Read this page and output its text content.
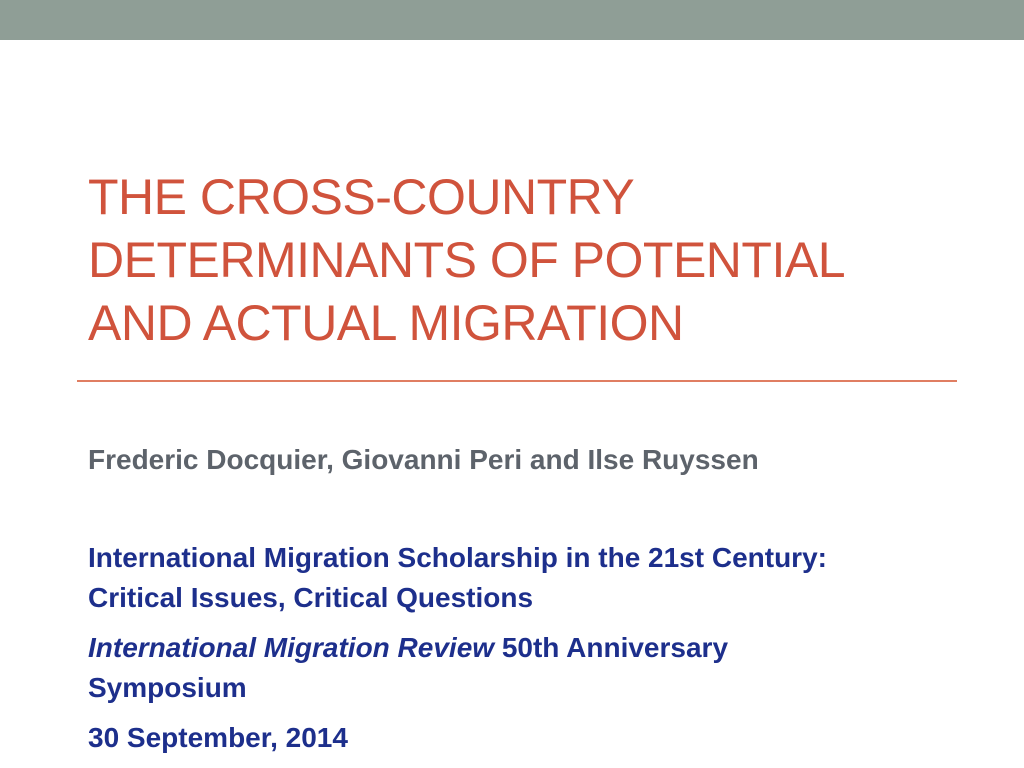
THE CROSS-COUNTRY
DETERMINANTS OF POTENTIAL
AND ACTUAL MIGRATION

Frederic Docquier, Giovanni Peri and Ilse Ruyssen

International Migration Scholarship in the 21st Century:

Critical Issues, Critical Questions

International Migration Review 50th Anniversary

Symposium

30 September, 2014
